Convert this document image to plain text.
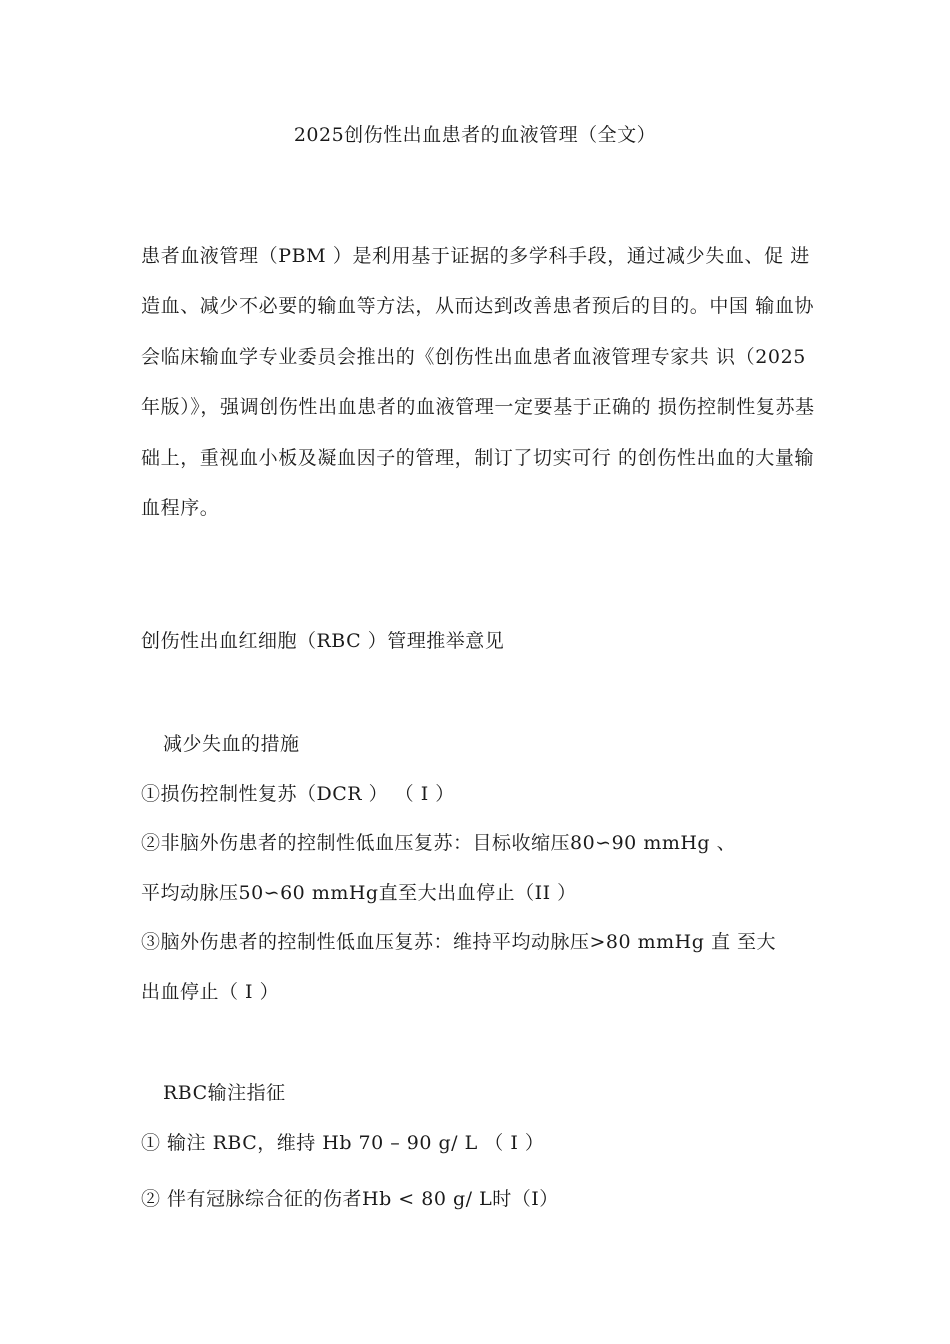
2025创伤性出血患者的血液管理（全文）

患者血液管理（PBM ）是利用基于证据的多学科手段，通过减少失血、促 进造血、减少不必要的输血等方法，从而达到改善患者预后的目的。中国 输血协会临床输血学专业委员会推出的《创伤性出血患者血液管理专家共 识（2025年版）》，强调创伤性出血患者的血液管理一定要基于正确的 损伤控制性复苏基础上，重视血小板及凝血因子的管理，制订了切实可行 的创伤性出血的大量输血程序。

创伤性出血红细胞（RBC ）管理推举意见
减少失血的措施
①损伤控制性复苏（DCR ） （ Ⅰ ）
②非脑外伤患者的控制性低血压复苏：目标收缩压80∽90 mmHg 、
平均动脉压50∽60 mmHg直至大出血停止（II ）
③脑外伤患者的控制性低血压复苏：维持平均动脉压>80 mmHg 直 至大
出血停止（ Ⅰ ）
RBC输注指征
① 输注 RBC，维持 Hb 70 – 90 g/ L （ Ⅰ ）
② 伴有冠脉综合征的伤者Hb < 80 g/ L时（I）
